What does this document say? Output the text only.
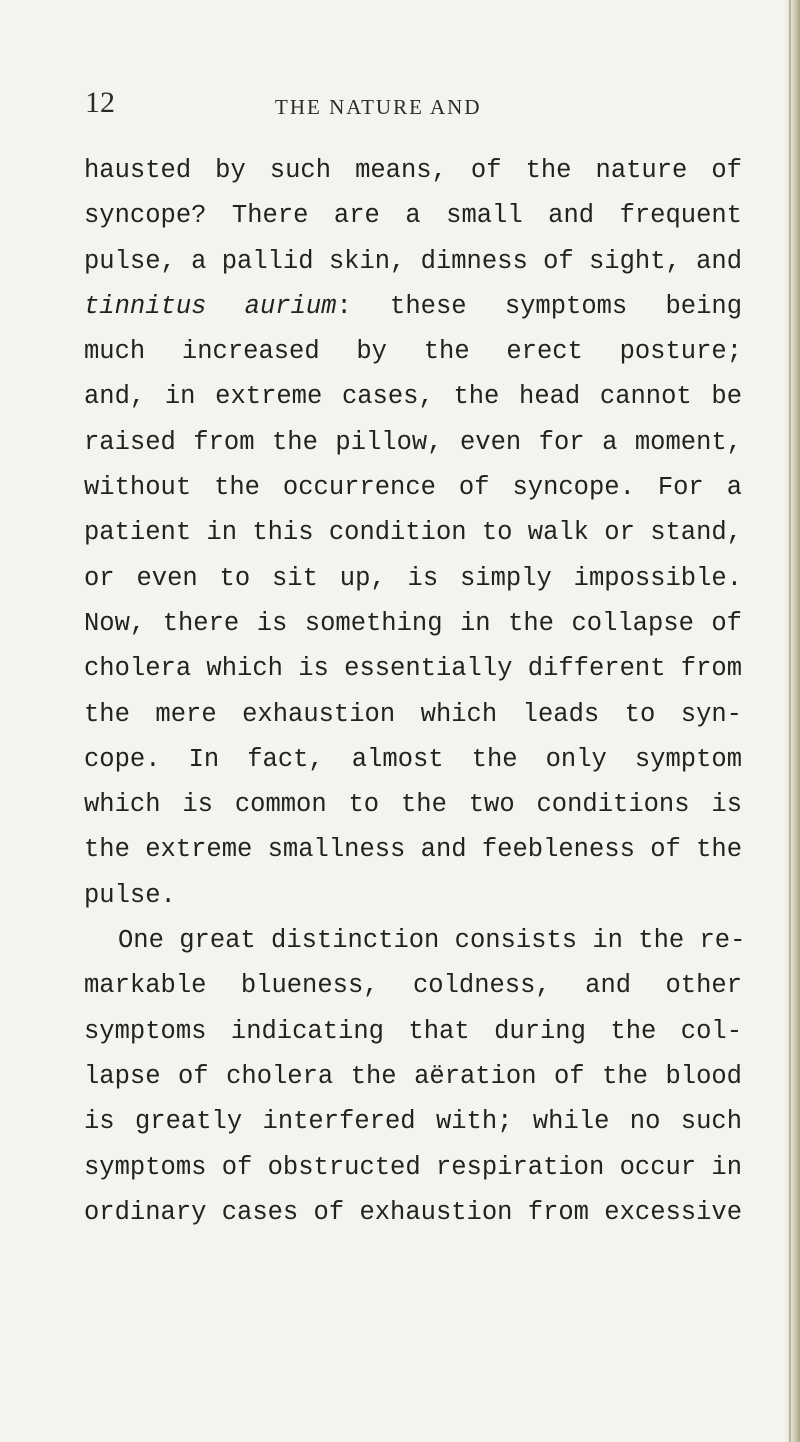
12	THE NATURE AND
hausted by such means, of the nature of
syncope? There are a small and frequent
pulse, a pallid skin, dimness of sight, and
tinnitus aurium: these symptoms being
much increased by the erect posture;
and, in extreme cases, the head cannot be
raised from the pillow, even for a moment,
without the occurrence of syncope. For a
patient in this condition to walk or stand,
or even to sit up, is simply impossible.
Now, there is something in the collapse of
cholera which is essentially different from
the mere exhaustion which leads to syn-
cope. In fact, almost the only symptom
which is common to the two conditions is
the extreme smallness and feebleness of the
pulse.
One great distinction consists in the re-
markable blueness, coldness, and other
symptoms indicating that during the col-
lapse of cholera the aëration of the blood
is greatly interfered with; while no such
symptoms of obstructed respiration occur in
ordinary cases of exhaustion from excessive
